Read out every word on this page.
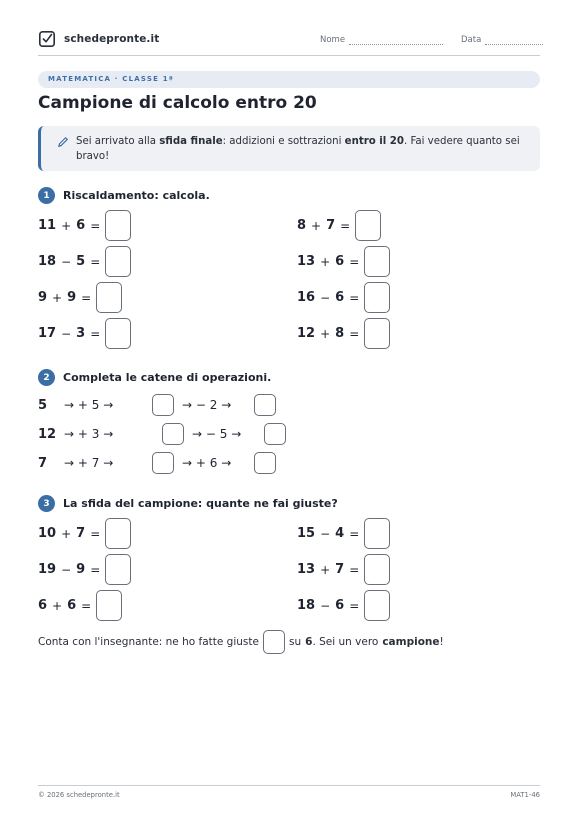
schedepronte.it	Nome	Data
MATEMATICA · CLASSE 1ª
Campione di calcolo entro 20
Sei arrivato alla sfida finale: addizioni e sottrazioni entro il 20. Fai vedere quanto sei bravo!
1	Riscaldamento: calcola.
11 + 6 =	8 + 7 =
18 − 5 =	13 + 6 =
9 + 9 =	16 − 6 =
17 − 3 =	12 + 8 =
2	Completa le catene di operazioni.
5	→ + 5 →	→ − 2 →
12 → + 3 →	→ − 5 →
7	→ + 7 →	→ + 6 →
3	La sfida del campione: quante ne fai giuste?
10 + 7 =	15 − 4 =
19 − 9 =	13 + 7 =
6 + 6 =	18 − 6 =
Conta con l'insegnante: ne ho fatte giuste	su 6 . Sei un vero campione !
© 2026 schedepronte.it	MAT1-46
